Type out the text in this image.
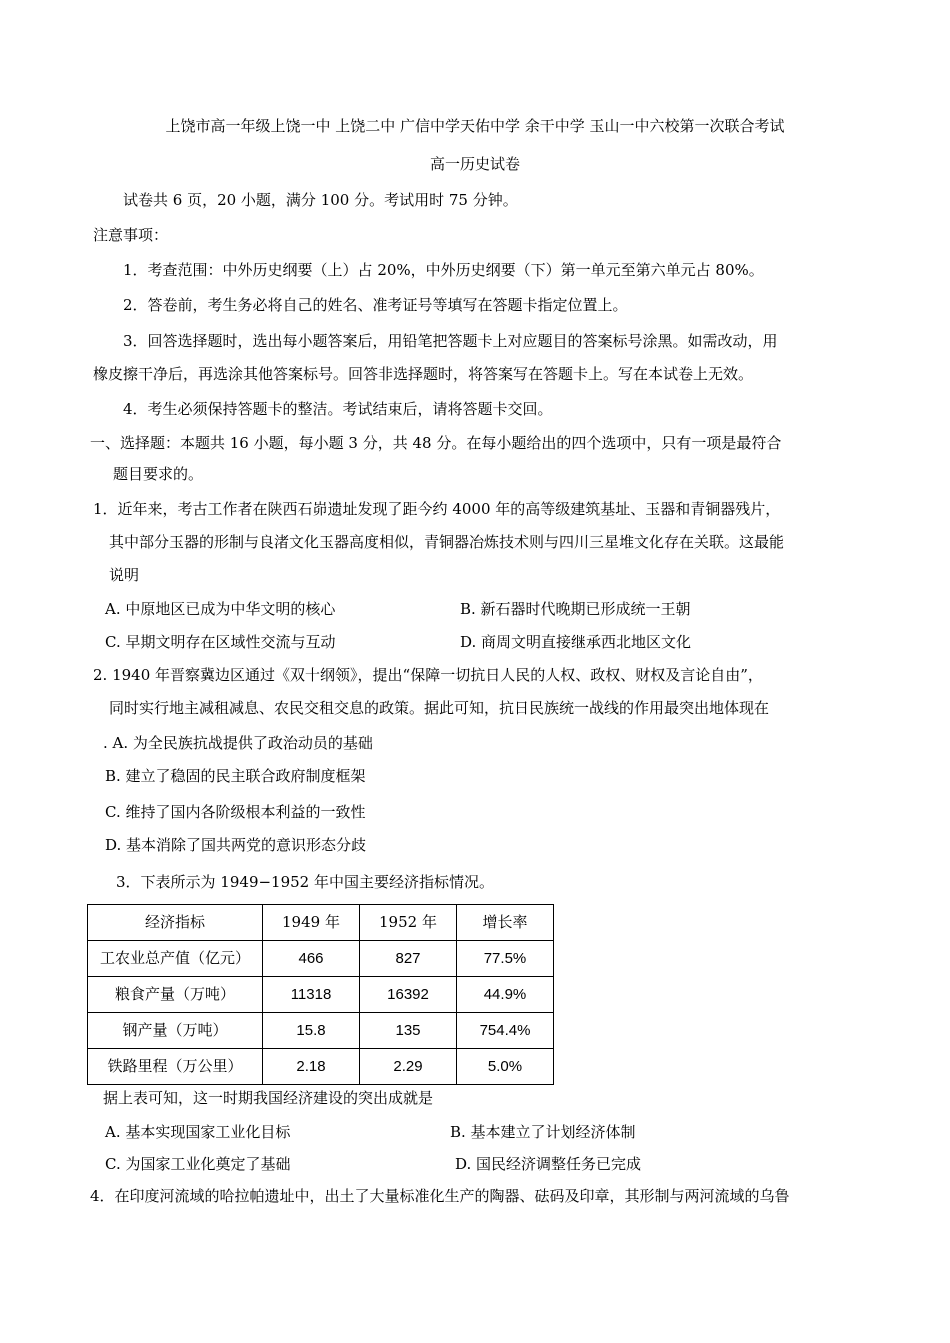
上饶市高一年级上饶一中 上饶二中 广信中学天佑中学 余干中学 玉山一中六校第一次联合考试
高一历史试卷
试卷共 6 页，20 小题，满分 100 分。考试用时 75 分钟。
注意事项：
1．考查范围：中外历史纲要（上）占 20%，中外历史纲要（下）第一单元至第六单元占 80%。
2．答卷前，考生务必将自己的姓名、准考证号等填写在答题卡指定位置上。
3．回答选择题时，选出每小题答案后，用铅笔把答题卡上对应题目的答案标号涂黑。如需改动，用
橡皮擦干净后，再选涂其他答案标号。回答非选择题时，将答案写在答题卡上。写在本试卷上无效。
4．考生必须保持答题卡的整洁。考试结束后，请将答题卡交回。
一、选择题：本题共 16 小题，每小题 3 分，共 48 分。在每小题给出的四个选项中，只有一项是最符合
题目要求的。
1．近年来，考古工作者在陕西石峁遗址发现了距今约 4000 年的高等级建筑基址、玉器和青铜器残片，
其中部分玉器的形制与良渚文化玉器高度相似，青铜器冶炼技术则与四川三星堆文化存在关联。这最能
说明
A. 中原地区已成为中华文明的核心	B. 新石器时代晚期已形成统一王朝
C. 早期文明存在区域性交流与互动	D. 商周文明直接继承西北地区文化
2. 1940 年晋察冀边区通过《双十纲领》，提出“保障一切抗日人民的人权、政权、财权及言论自由”，
同时实行地主减租减息、农民交租交息的政策。据此可知，抗日民族统一战线的作用最突出地体现在
. A. 为全民族抗战提供了政治动员的基础
B. 建立了稳固的民主联合政府制度框架
C. 维持了国内各阶级根本利益的一致性
D. 基本消除了国共两党的意识形态分歧
3．下表所示为 1949−1952 年中国主要经济指标情况。
经济指标	1949 年	1952 年	增长率
工农业总产值（亿元）	466	827	77.5%
粮食产量（万吨）	11318	16392	44.9%
钢产量（万吨）	15.8	135	754.4%
铁路里程（万公里）	2.18	2.29	5.0%
据上表可知，这一时期我国经济建设的突出成就是
A. 基本实现国家工业化目标	B. 基本建立了计划经济体制
C. 为国家工业化奠定了基础	D. 国民经济调整任务已完成
4．在印度河流域的哈拉帕遗址中，出土了大量标准化生产的陶器、砝码及印章，其形制与两河流域的乌鲁
